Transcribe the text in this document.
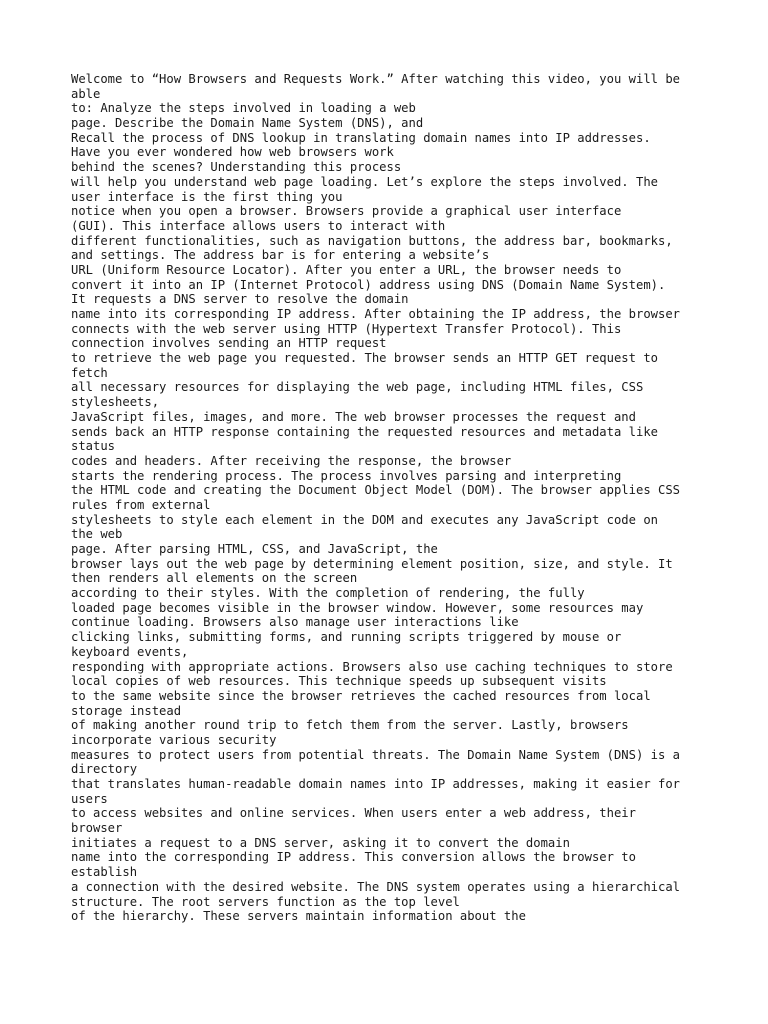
Welcome to “How Browsers and Requests Work.” After watching this video, you will be
able
to: Analyze the steps involved in loading a web
page. Describe the Domain Name System (DNS), and
Recall the process of DNS lookup in translating domain names into IP addresses.
Have you ever wondered how web browsers work
behind the scenes? Understanding this process
will help you understand web page loading. Let’s explore the steps involved. The
user interface is the first thing you
notice when you open a browser. Browsers provide a graphical user interface
(GUI). This interface allows users to interact with
different functionalities, such as navigation buttons, the address bar, bookmarks,
and settings. The address bar is for entering a website’s
URL (Uniform Resource Locator). After you enter a URL, the browser needs to
convert it into an IP (Internet Protocol) address using DNS (Domain Name System).
It requests a DNS server to resolve the domain
name into its corresponding IP address. After obtaining the IP address, the browser
connects with the web server using HTTP (Hypertext Transfer Protocol). This
connection involves sending an HTTP request
to retrieve the web page you requested. The browser sends an HTTP GET request to
fetch
all necessary resources for displaying the web page, including HTML files, CSS
stylesheets,
JavaScript files, images, and more. The web browser processes the request and
sends back an HTTP response containing the requested resources and metadata like
status
codes and headers. After receiving the response, the browser
starts the rendering process. The process involves parsing and interpreting
the HTML code and creating the Document Object Model (DOM). The browser applies CSS
rules from external
stylesheets to style each element in the DOM and executes any JavaScript code on
the web
page. After parsing HTML, CSS, and JavaScript, the
browser lays out the web page by determining element position, size, and style. It
then renders all elements on the screen
according to their styles. With the completion of rendering, the fully
loaded page becomes visible in the browser window. However, some resources may
continue loading. Browsers also manage user interactions like
clicking links, submitting forms, and running scripts triggered by mouse or
keyboard events,
responding with appropriate actions. Browsers also use caching techniques to store
local copies of web resources. This technique speeds up subsequent visits
to the same website since the browser retrieves the cached resources from local
storage instead
of making another round trip to fetch them from the server. Lastly, browsers
incorporate various security
measures to protect users from potential threats. The Domain Name System (DNS) is a
directory
that translates human-readable domain names into IP addresses, making it easier for
users
to access websites and online services. When users enter a web address, their
browser
initiates a request to a DNS server, asking it to convert the domain
name into the corresponding IP address. This conversion allows the browser to
establish
a connection with the desired website. The DNS system operates using a hierarchical
structure. The root servers function as the top level
of the hierarchy. These servers maintain information about the
